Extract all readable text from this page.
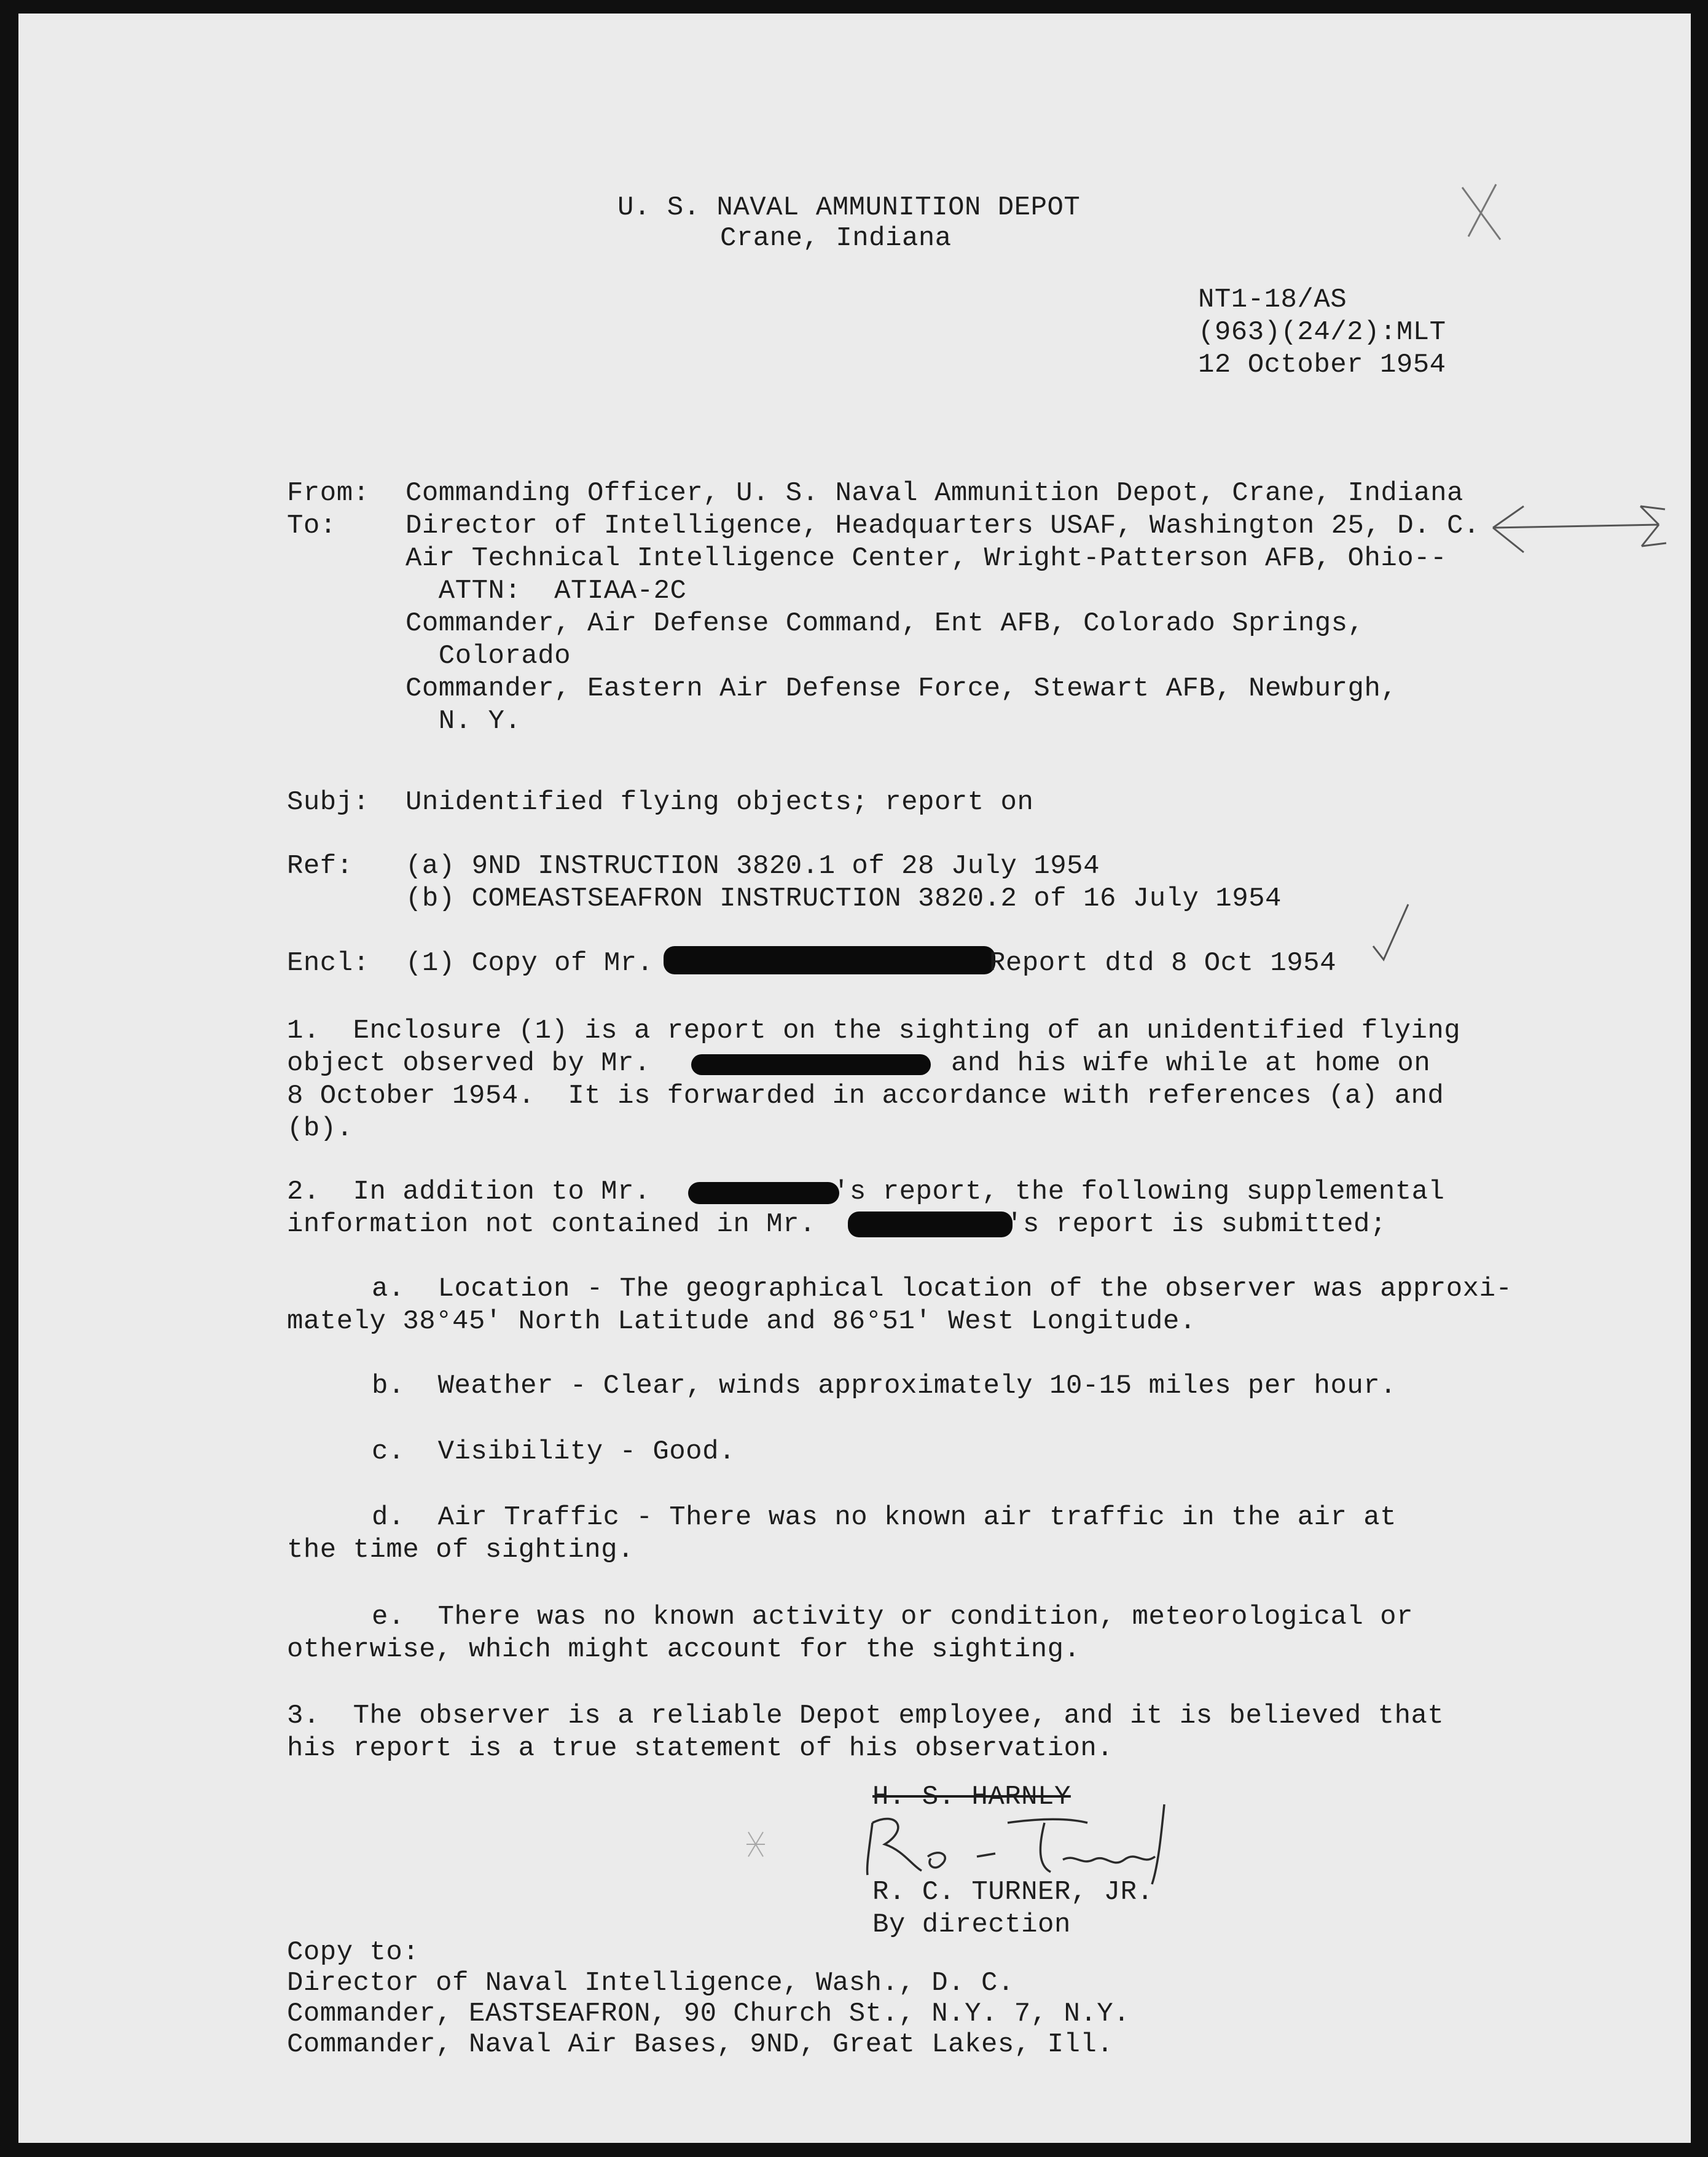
U. S. NAVAL AMMUNITION DEPOT
Crane, Indiana
NT1-18/AS
(963)(24/2):MLT
12 October 1954
From: Commanding Officer, U. S. Naval Ammunition Depot, Crane, Indiana
To:	Director of Intelligence, Headquarters USAF, Washington 25, D. C.
Air Technical Intelligence Center, Wright-Patterson AFB, Ohio--
ATTN:  ATIAA-2C
Commander, Air Defense Command, Ent AFB, Colorado Springs,
Colorado
Commander, Eastern Air Defense Force, Stewart AFB, Newburgh,
N. Y.
Subj: Unidentified flying objects; report on
Ref: (a) 9ND INSTRUCTION 3820.1 of 28 July 1954
(b) COMEASTSEAFRON INSTRUCTION 3820.2 of 16 July 1954
Encl: (1) Copy of Mr.	Report dtd 8 Oct 1954
1.  Enclosure (1) is a report on the sighting of an unidentified flying
object observed by Mr.	and his wife while at home on
8 October 1954.  It is forwarded in accordance with references (a) and
(b).
2.  In addition to Mr.	's report, the following supplemental
information not contained in Mr.	's report is submitted;
a.  Location - The geographical location of the observer was approxi-
mately 38°45' North Latitude and 86°51' West Longitude.
b.  Weather - Clear, winds approximately 10-15 miles per hour.
c.  Visibility - Good.
d.  Air Traffic - There was no known air traffic in the air at
the time of sighting.
e.  There was no known activity or condition, meteorological or
otherwise, which might account for the sighting.
3.  The observer is a reliable Depot employee, and it is believed that
his report is a true statement of his observation.
H. S. HARNLY
R. C. TURNER, JR.
By direction
Copy to:
Director of Naval Intelligence, Wash., D. C.
Commander, EASTSEAFRON, 90 Church St., N.Y. 7, N.Y.
Commander, Naval Air Bases, 9ND, Great Lakes, Ill.
